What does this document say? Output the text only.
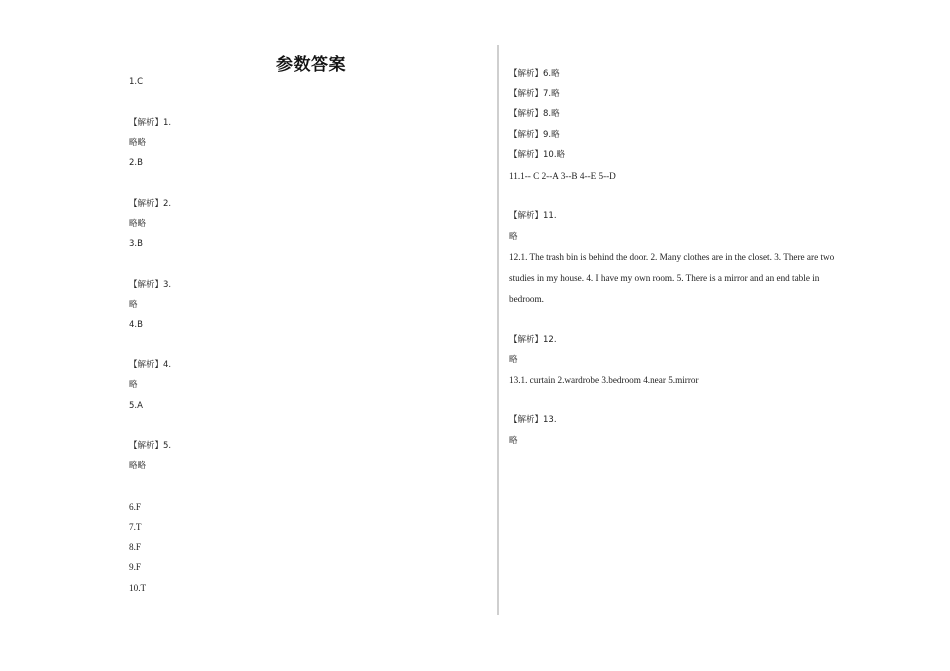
参数答案
1.C
【解析】1.
略略
2.B
【解析】2.
略略
3.B
【解析】3.
略
4.B
【解析】4.
略
5.A
【解析】5.
略略
6.F
7.T
8.F
9.F
10.T
【解析】6.略
【解析】7.略
【解析】8.略
【解析】9.略
【解析】10.略
11.1-- C 2--A 3--B 4--E 5--D
【解析】11.
略
12.1. The trash bin is behind the door. 2. Many clothes are in the closet. 3. There are two
studies in my house. 4. I have my own room. 5. There is a mirror and an end table in
bedroom.
【解析】12.
略
13.1. curtain 2.wardrobe 3.bedroom 4.near 5.mirror
【解析】13.
略
